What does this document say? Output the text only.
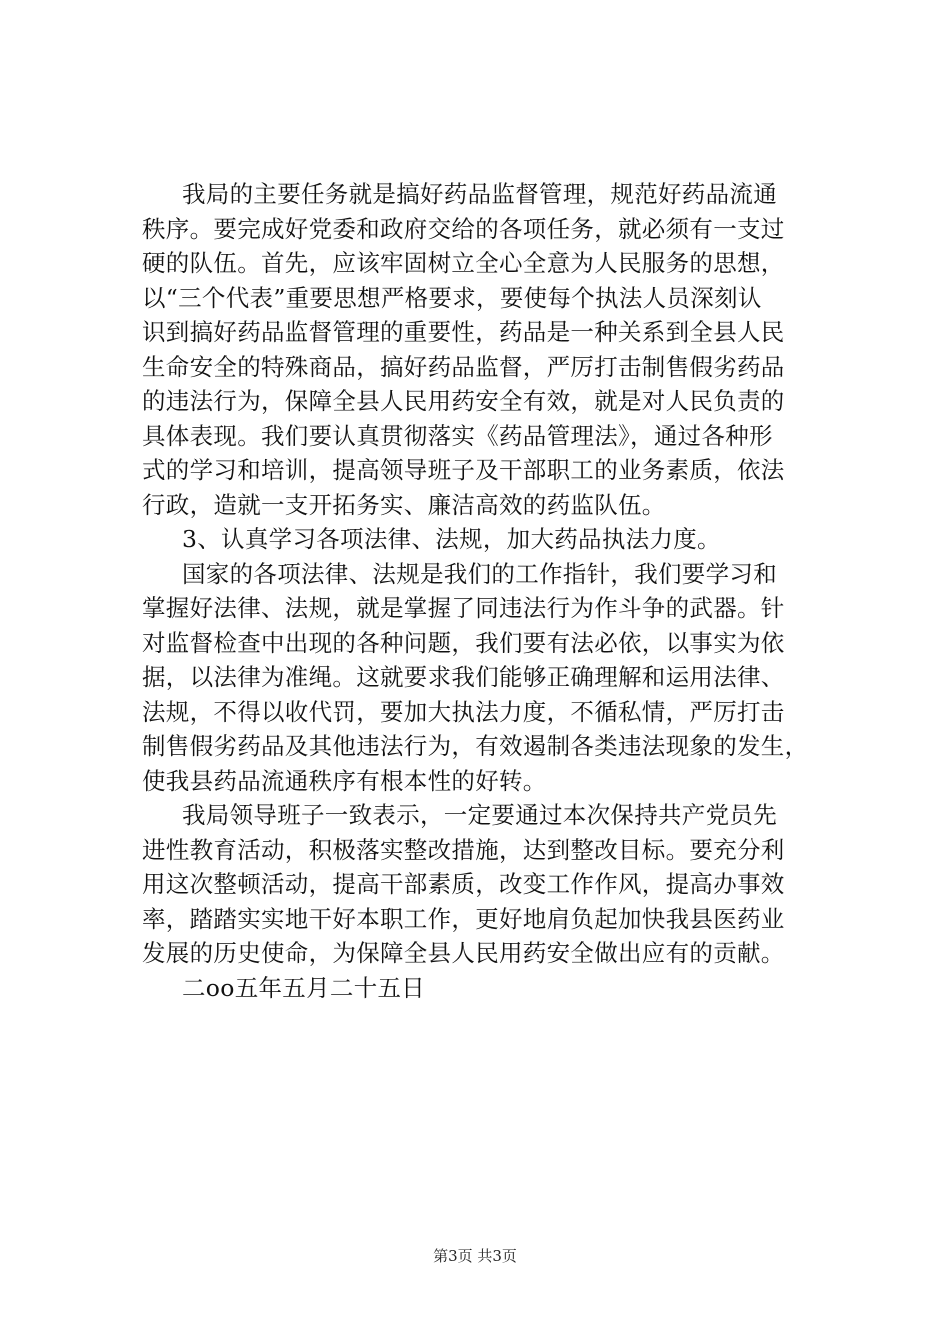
我局的主要任务就是搞好药品监督管理，规范好药品流通
秩序。要完成好党委和政府交给的各项任务，就必须有一支过
硬的队伍。首先，应该牢固树立全心全意为人民服务的思想，
以“三个代表”重要思想严格要求，要使每个执法人员深刻认
识到搞好药品监督管理的重要性，药品是一种关系到全县人民
生命安全的特殊商品，搞好药品监督，严厉打击制售假劣药品
的违法行为，保障全县人民用药安全有效，就是对人民负责的
具体表现。我们要认真贯彻落实《药品管理法》，通过各种形
式的学习和培训，提高领导班子及干部职工的业务素质，依法
行政，造就一支开拓务实、廉洁高效的药监队伍。
3、认真学习各项法律、法规，加大药品执法力度。
国家的各项法律、法规是我们的工作指针，我们要学习和
掌握好法律、法规，就是掌握了同违法行为作斗争的武器。针
对监督检查中出现的各种问题，我们要有法必依，以事实为依
据，以法律为准绳。这就要求我们能够正确理解和运用法律、
法规，不得以收代罚，要加大执法力度，不循私情，严厉打击
制售假劣药品及其他违法行为，有效遏制各类违法现象的发生，
使我县药品流通秩序有根本性的好转。
我局领导班子一致表示，一定要通过本次保持共产党员先
进性教育活动，积极落实整改措施，达到整改目标。要充分利
用这次整顿活动，提高干部素质，改变工作作风，提高办事效
率，踏踏实实地干好本职工作，更好地肩负起加快我县医药业
发展的历史使命，为保障全县人民用药安全做出应有的贡献。
二oo五年五月二十五日
第3页 共3页
